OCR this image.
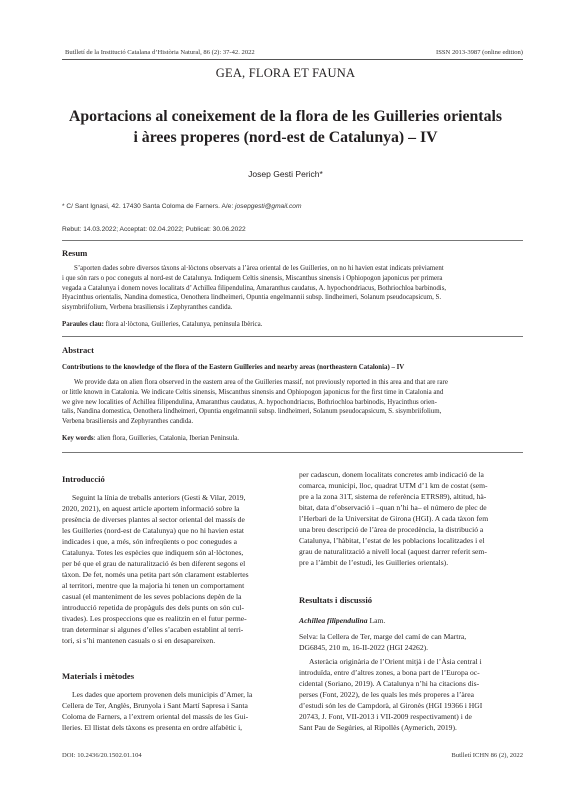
Butlletí de la Institució Catalana d’Història Natural, 86 (2): 37-42. 2022	ISSN 2013-3987 (online edition)
GEA, FLORA ET FAUNA
Aportacions al coneixement de la flora de les Guilleries orientals
i àrees properes (nord-est de Catalunya) – IV
Josep Gesti Perich*
* C/ Sant Ignasi, 42. 17430 Santa Coloma de Farners. A/e: josepgesti@gmail.com
Rebut: 14.03.2022; Acceptat: 02.04.2022; Publicat: 30.06.2022
Resum
S’aporten dades sobre diversos tàxons al·lòctons observats a l’àrea oriental de les Guilleries, on no hi havien estat indicats prèviament
i que són rars o poc coneguts al nord-est de Catalunya. Indiquem Celtis sinensis, Miscanthus sinensis i Ophiopogon japonicus per primera
vegada a Catalunya i donem noves localitats d’ Achillea filipendulina, Amaranthus caudatus, A. hypochondriacus, Bothriochloa barbinodis,
Hyacinthus orientalis, Nandina domestica, Oenothera lindheimeri, Opuntia engelmannii subsp. lindheimeri, Solanum pseudocapsicum, S.
sisymbriifolium, Verbena brasiliensis i Zephyranthes candida.
Paraules clau: flora al·lòctona, Guilleries, Catalunya, península Ibèrica.
Abstract
Contributions to the knowledge of the flora of the Eastern Guilleries and nearby areas (northeastern Catalonia) – IV
We provide data on alien flora observed in the eastern area of the Guilleries massif, not previously reported in this area and that are rare
or little known in Catalonia. We indicate Celtis sinensis, Miscanthus sinensis and Ophiopogon japonicus for the first time in Catalonia and
we give new localities of Achillea filipendulina, Amaranthus caudatus, A. hypochondriacus, Bothriochloa barbinodis, Hyacinthus orien-
talis, Nandina domestica, Oenothera lindheimeri, Opuntia engelmannii subsp. lindheimeri, Solanum pseudocapsicum, S. sisymbriifolium,
Verbena brasiliensis and Zephyranthes candida.
Key words: alien flora, Guilleries, Catalonia, Iberian Peninsula.
Introducció

Seguint la línia de treballs anteriors (Gesti & Vilar, 2019,

2020, 2021), en aquest article aportem informació sobre la

presència de diverses plantes al sector oriental del massís de

les Guilleries (nord-est de Catalunya) que no hi havien estat

indicades i que, a més, són infreqüents o poc conegudes a

Catalunya. Totes les espècies que indiquem són al·lòctones,

per bé que el grau de naturalització és ben diferent segons el

tàxon. De fet, només una petita part són clarament establertes

al territori, mentre que la majoria hi tenen un comportament

casual (el manteniment de les seves poblacions depèn de la

introducció repetida de propàguls des dels punts on són cul-

tivades). Les prospeccions que es realitzin en el futur perme-

tran determinar si algunes d’elles s’acaben establint al terri-

tori, si s’hi mantenen casuals o si en desapareixen.

Materials i mètodes

Les dades que aportem provenen dels municipis d’Amer, la

Cellera de Ter, Anglès, Brunyola i Sant Martí Sapresa i Santa

Coloma de Farners, a l’extrem oriental del massís de les Gui-

lleries. El llistat dels tàxons es presenta en ordre alfabètic i,

per cadascun, donem localitats concretes amb indicació de la

comarca, municipi, lloc, quadrat UTM d’1 km de costat (sem-

pre a la zona 31T, sistema de referència ETRS89), altitud, hà-

bitat, data d’observació i –quan n’hi ha– el número de plec de

l’Herbari de la Universitat de Girona (HGI). A cada tàxon fem

una breu descripció de l’àrea de procedència, la distribució a

Catalunya, l’hàbitat, l’estat de les poblacions localitzades i el

grau de naturalització a nivell local (aquest darrer referit sem-

pre a l’àmbit de l’estudi, les Guilleries orientals).

Resultats i discussió

Achillea filipendulina Lam.

Selva: la Cellera de Ter, marge del camí de can Martra,

DG6845, 210 m, 16-II-2022 (HGI 24262).

Asteràcia originària de l’Orient mitjà i de l’Àsia central i

introduïda, entre d’altres zones, a bona part de l’Europa oc-

cidental (Soriano, 2019). A Catalunya n’hi ha citacions dis-

perses (Font, 2022), de les quals les més properes a l’àrea

d’estudi són les de Campdorà, al Gironès (HGI 19366 i HGI

20743, J. Font, VII-2013 i VII-2009 respectivament) i de

Sant Pau de Segúries, al Ripollès (Aymerich, 2019).

DOI: 10.2436/20.1502.01.104	Butlletí ICHN 86 (2), 2022
